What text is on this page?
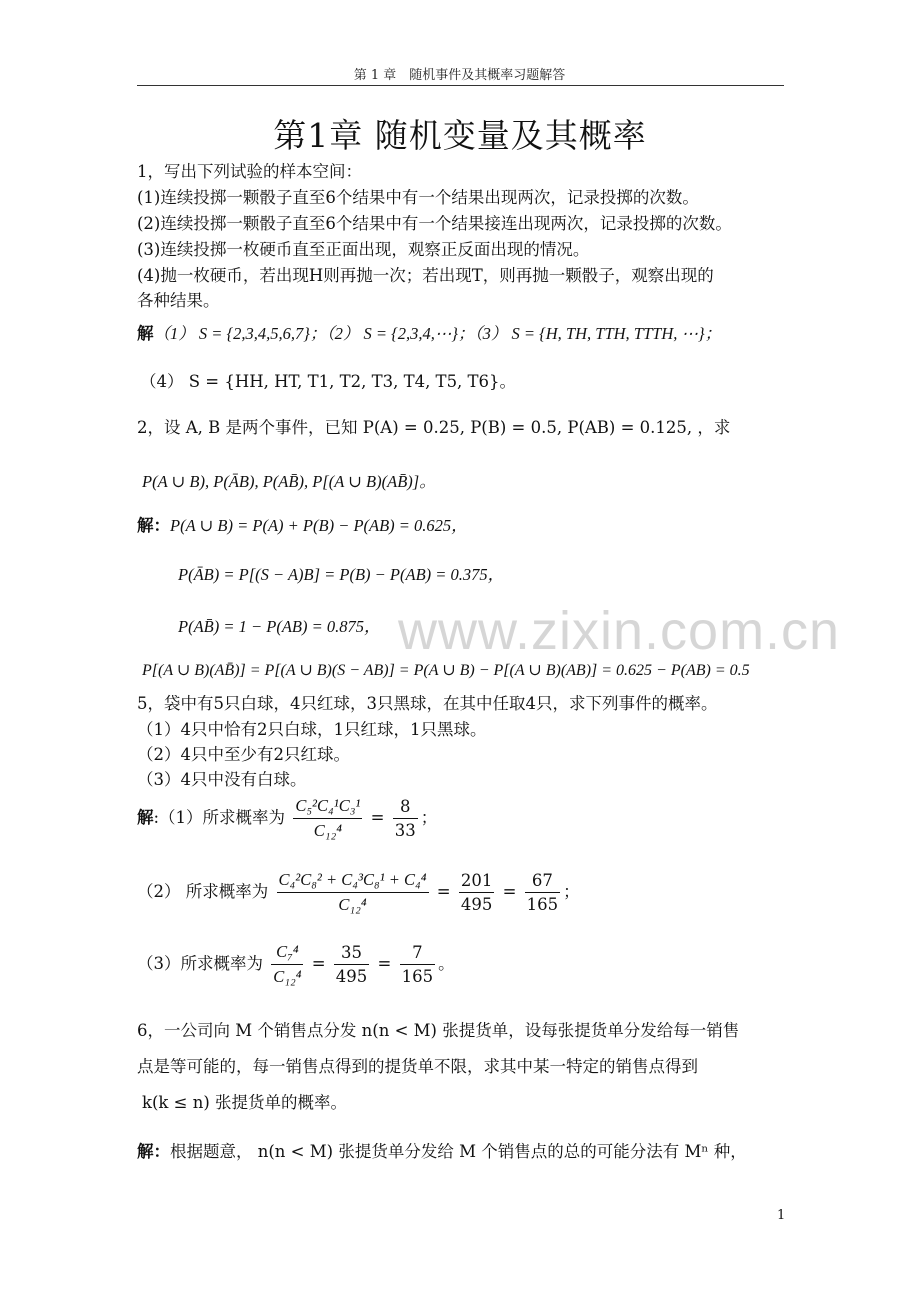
第 1 章　随机事件及其概率习题解答
第1章 随机变量及其概率
1，写出下列试验的样本空间：
(1)连续投掷一颗骰子直至6个结果中有一个结果出现两次，记录投掷的次数。
(2)连续投掷一颗骰子直至6个结果中有一个结果接连出现两次，记录投掷的次数。
(3)连续投掷一枚硬币直至正面出现，观察正反面出现的情况。
(4)抛一枚硬币，若出现H则再抛一次；若出现T，则再抛一颗骰子，观察出现的
各种结果。
解（1） S = {2,3,4,5,6,7}；（2） S = {2,3,4,⋯}；（3） S = {H, TH, TTH, TTTH, ⋯}；
（4） S = {HH, HT, T1, T2, T3, T4, T5, T6}。
2，设 A, B 是两个事件，已知 P(A) = 0.25, P(B) = 0.5, P(AB) = 0.125, ，求
P(A ∪ B), P(ĀB), P(AB̄), P[(A ∪ B)(AB̄)]。
解：P(A ∪ B) = P(A) + P(B) − P(AB) = 0.625，
P(ĀB) = P[(S − A)B] = P(B) − P(AB) = 0.375，
P(AB̄) = 1 − P(AB) = 0.875，
P[(A ∪ B)(AB̄)] = P[(A ∪ B)(S − AB)] = P(A ∪ B) − P[(A ∪ B)(AB)] = 0.625 − P(AB) = 0.5
5，袋中有5只白球，4只红球，3只黑球，在其中任取4只，求下列事件的概率。
（1）4只中恰有2只白球，1只红球，1只黑球。
（2）4只中至少有2只红球。
（3）4只中没有白球。
解:（1）所求概率为 $\frac{\text{C₅²C₄¹C₃¹}}{\text{C₁₂⁴}} = \frac{8}{33}$ ；
（2） 所求概率为 $\frac{\text{C₄²C₈² + C₄³C₈¹ + C₄⁴}}{\text{C₁₂⁴}} = \frac{201}{495} = \frac{67}{165}$ ；
（3）所求概率为 $\frac{\text{C₇⁴}}{\text{C₁₂⁴}} = \frac{35}{495} = \frac{7}{165}$ 。
6，一公司向 M 个销售点分发 n(n < M) 张提货单，设每张提货单分发给每一销售
点是等可能的，每一销售点得到的提货单不限，求其中某一特定的销售点得到
k(k ≤ n) 张提货单的概率。
解：根据题意， n(n < M) 张提货单分发给 M 个销售点的总的可能分法有 Mⁿ 种，
www.zixin.com.cn
1
